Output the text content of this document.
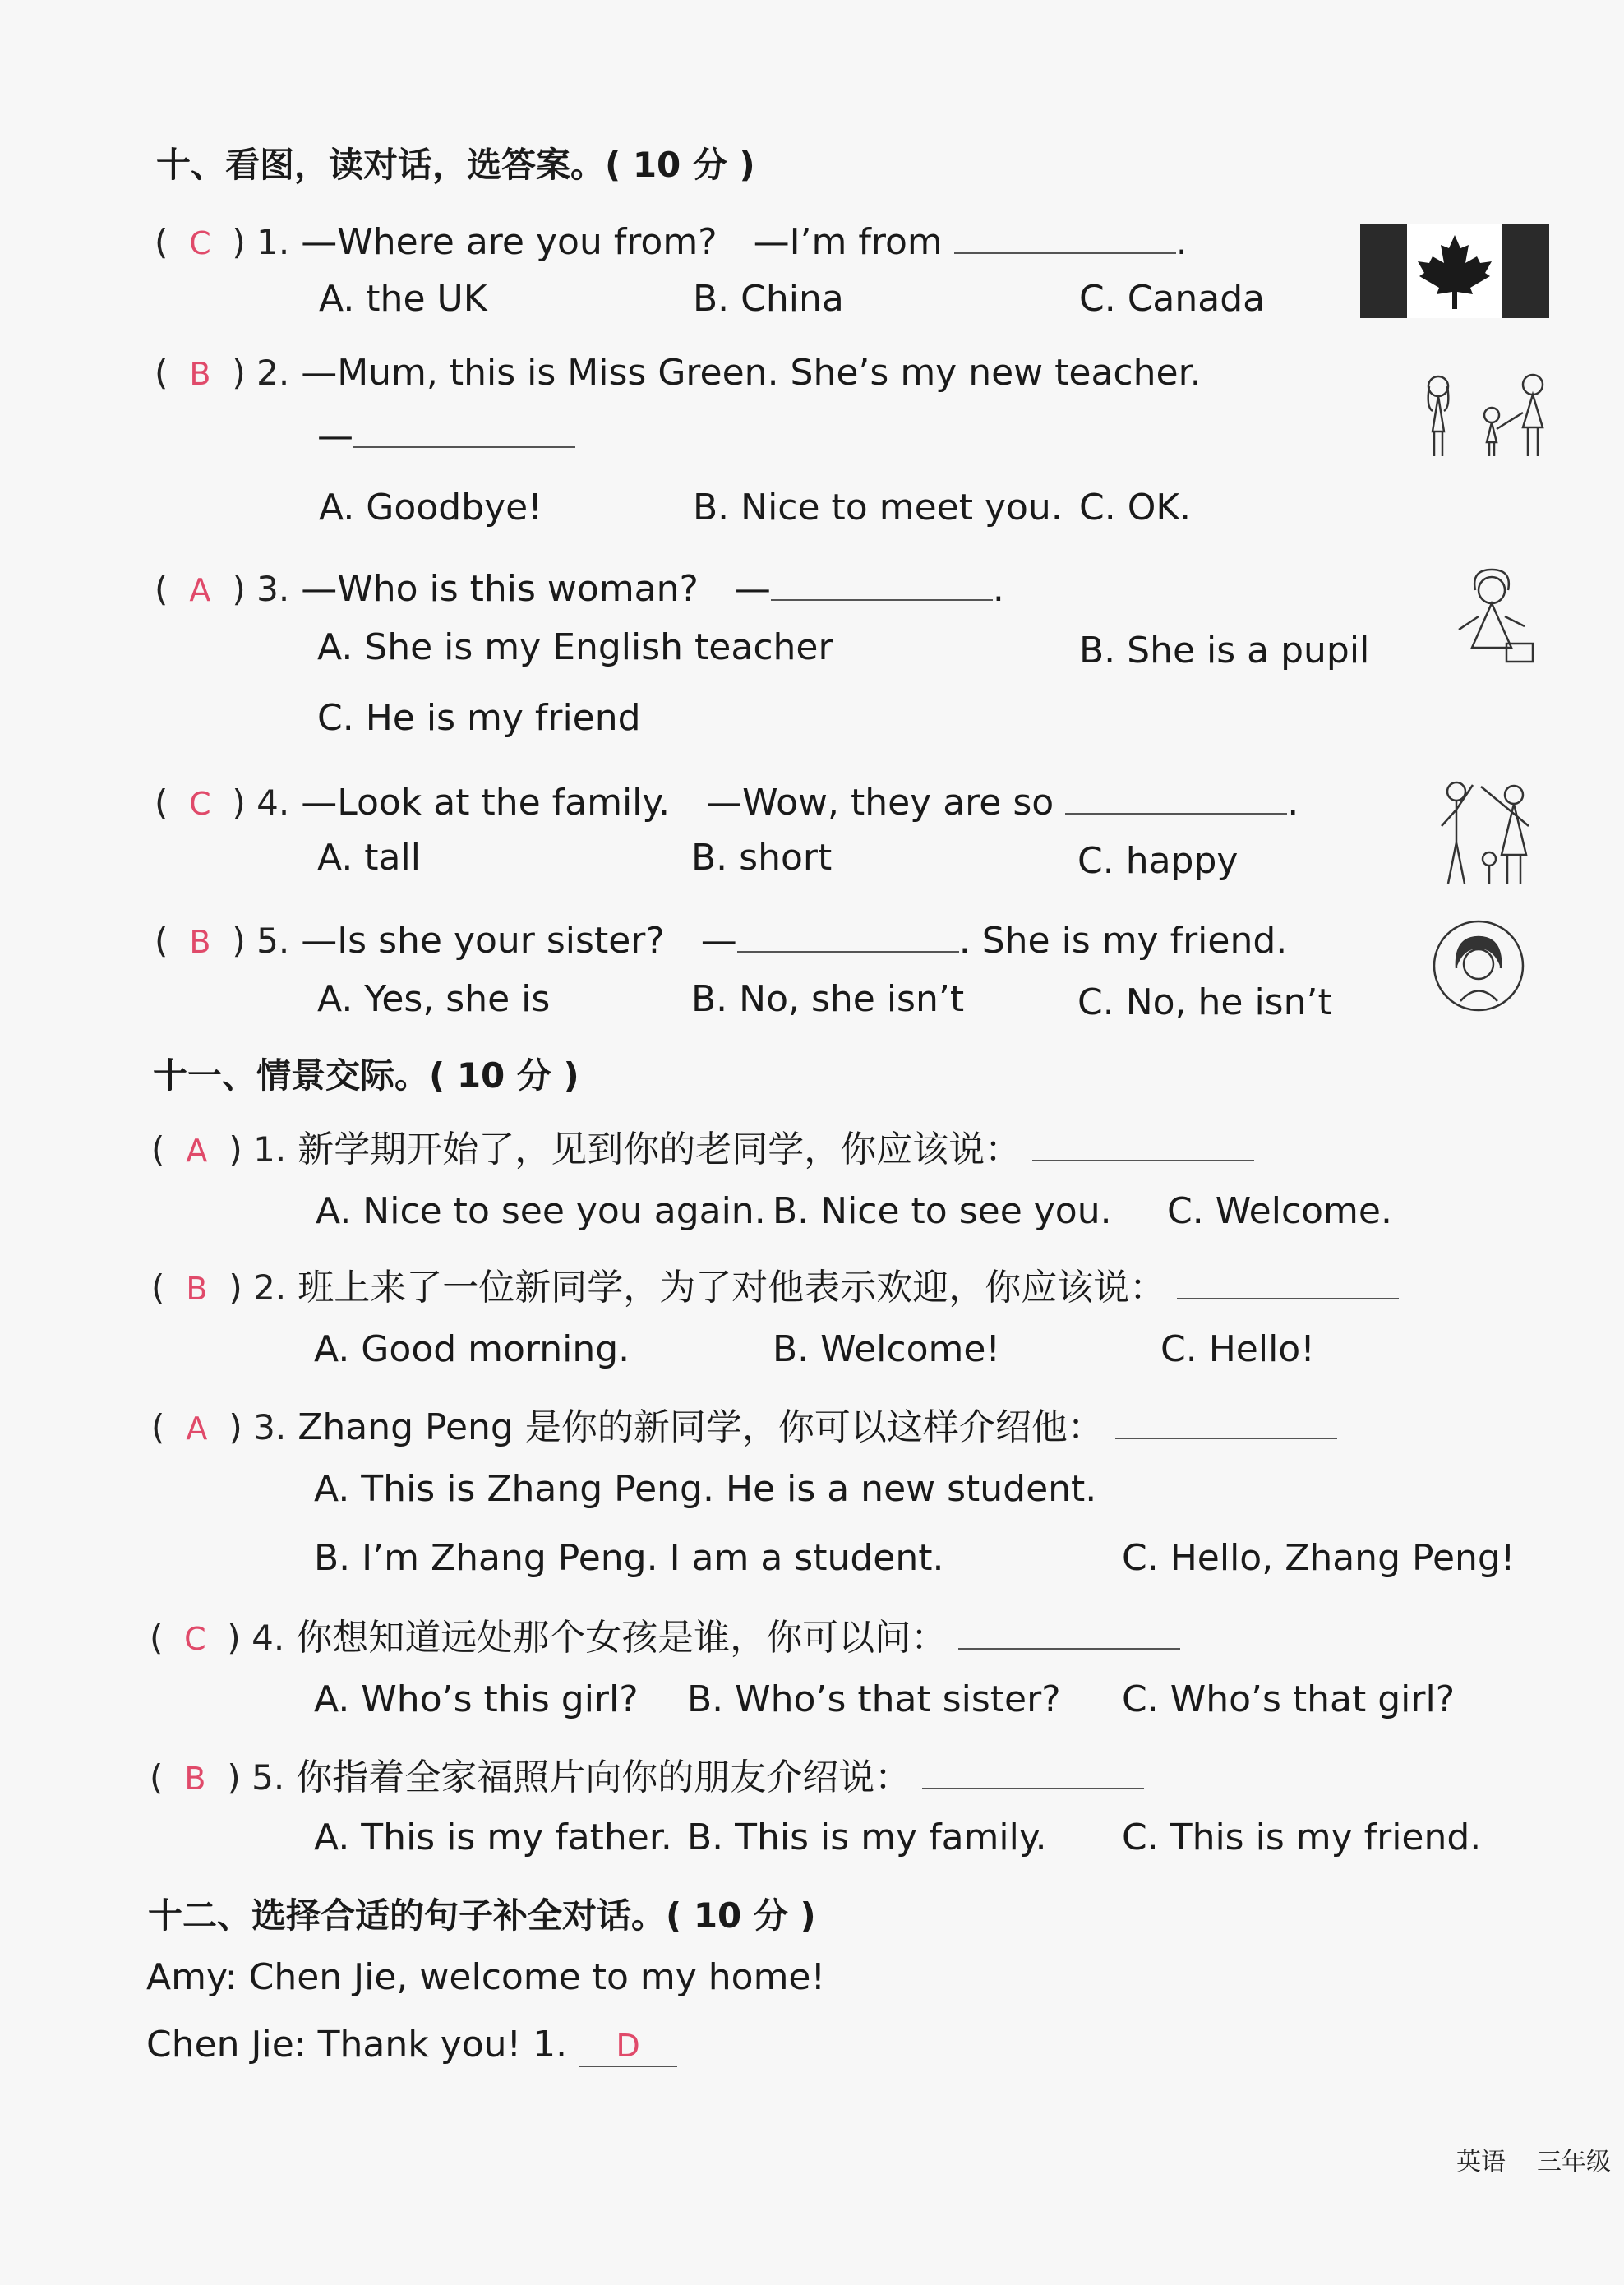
十、看图，读对话，选答案。( 10 分 )
( C ) 1. —Where are you from?　—I’m from	.
A. the UK	B. China	C. Canada
( B ) 2. —Mum, this is Miss Green. She’s my new teacher.
—
A. Goodbye!	B. Nice to meet you. C. OK.
( A ) 3. —Who is this woman?　—	.
A. She is my English teacher	B. She is a pupil
C. He is my friend
( C ) 4. —Look at the family.　—Wow, they are so	.
A. tall	B. short	C. happy
( B ) 5. —Is she your sister?　—	. She is my friend.
A. Yes, she is	B. No, she isn’t	C. No, he isn’t
十一、情景交际。( 10 分 )
( A ) 1. 新学期开始了，见到你的老同学，你应该说：
A. Nice to see you again. B. Nice to see you. C. Welcome.
( B ) 2. 班上来了一位新同学，为了对他表示欢迎，你应该说：
A. Good morning.	B. Welcome!	C. Hello!
( A ) 3. Zhang Peng 是你的新同学，你可以这样介绍他：
A. This is Zhang Peng. He is a new student.
B. I’m Zhang Peng. I am a student.	C. Hello, Zhang Peng!
( C ) 4. 你想知道远处那个女孩是谁，你可以问：
A. Who’s this girl? B. Who’s that sister? C. Who’s that girl?
( B ) 5. 你指着全家福照片向你的朋友介绍说：
A. This is my father. B. This is my family. C. This is my friend.
十二、选择合适的句子补全对话。( 10 分 )
Amy: Chen Jie, welcome to my home!
Chen Jie: Thank you! 1. D
英语 三年级
